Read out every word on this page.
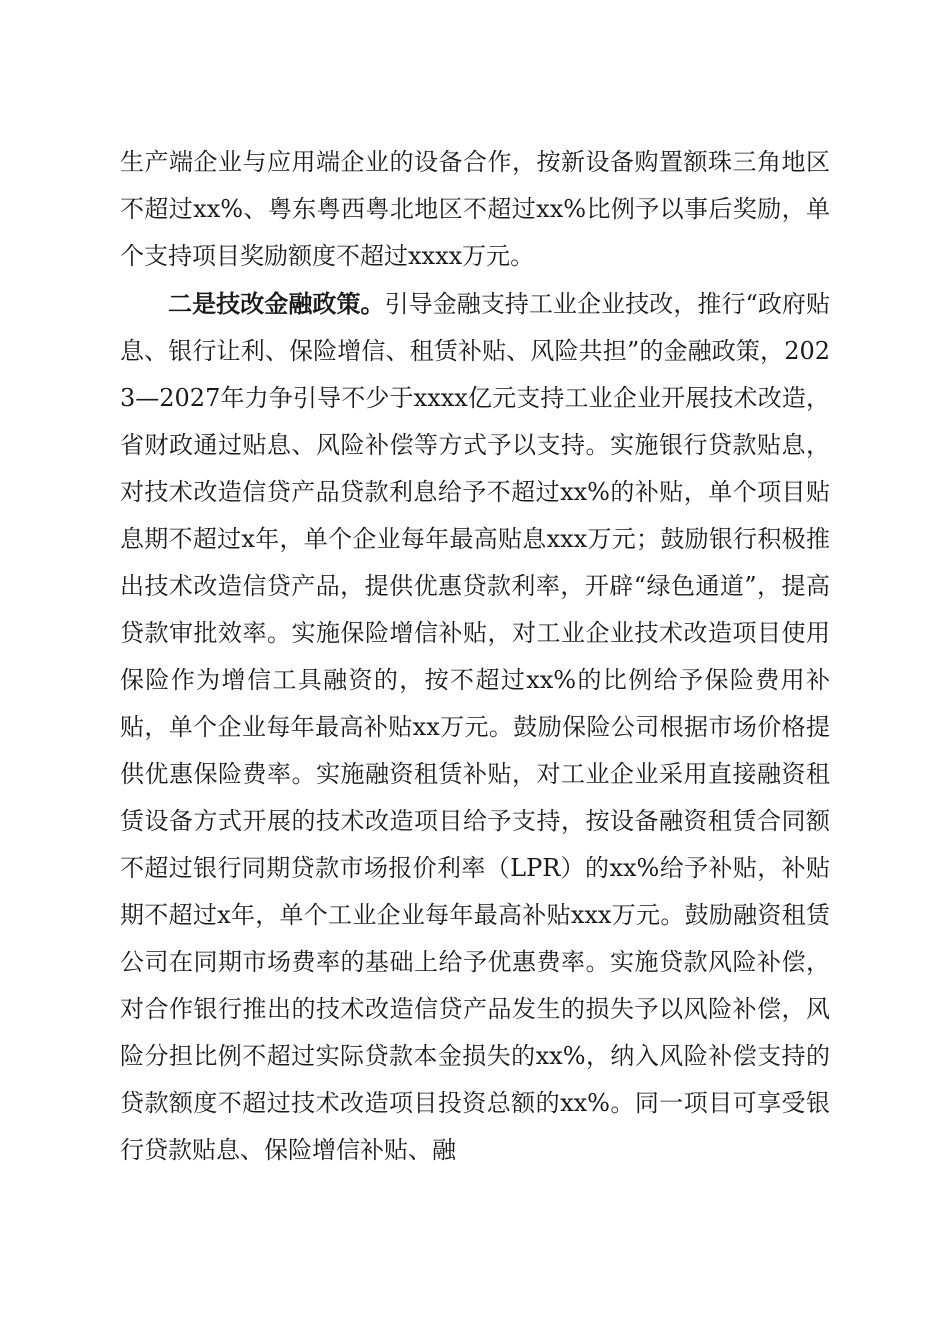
生产端企业与应用端企业的设备合作，按新设备购置额珠三角地区不超过xx%、粤东粤西粤北地区不超过xx%比例予以事后奖励，单个支持项目奖励额度不超过xxxx万元。

二是技改金融政策。引导金融支持工业企业技改，推行“政府贴息、银行让利、保险增信、租赁补贴、风险共担”的金融政策，2023—2027年力争引导不少于xxxx亿元支持工业企业开展技术改造，省财政通过贴息、风险补偿等方式予以支持。实施银行贷款贴息，对技术改造信贷产品贷款利息给予不超过xx%的补贴，单个项目贴息期不超过x年，单个企业每年最高贴息xxx万元；鼓励银行积极推出技术改造信贷产品，提供优惠贷款利率，开辟“绿色通道”，提高贷款审批效率。实施保险增信补贴，对工业企业技术改造项目使用保险作为增信工具融资的，按不超过xx%的比例给予保险费用补贴，单个企业每年最高补贴xx万元。鼓励保险公司根据市场价格提供优惠保险费率。实施融资租赁补贴，对工业企业采用直接融资租赁设备方式开展的技术改造项目给予支持，按设备融资租赁合同额不超过银行同期贷款市场报价利率（LPR）的xx%给予补贴，补贴期不超过x年，单个工业企业每年最高补贴xxx万元。鼓励融资租赁公司在同期市场费率的基础上给予优惠费率。实施贷款风险补偿，对合作银行推出的技术改造信贷产品发生的损失予以风险补偿，风险分担比例不超过实际贷款本金损失的xx%，纳入风险补偿支持的贷款额度不超过技术改造项目投资总额的xx%。同一项目可享受银行贷款贴息、保险增信补贴、融
